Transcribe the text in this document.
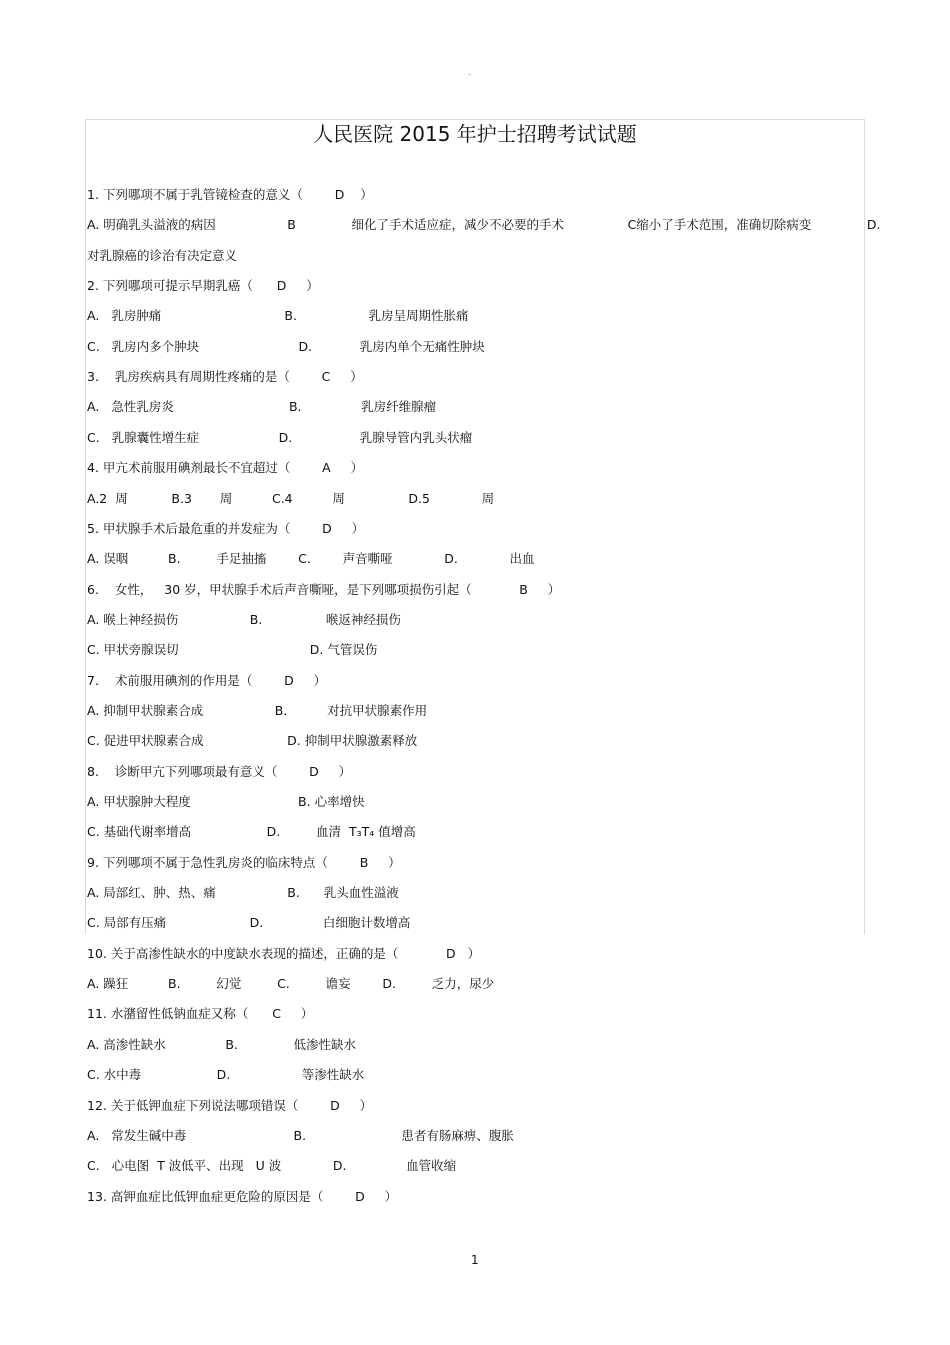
-
人民医院 2015 年护士招聘考试试题
1. 下列哪项不属于乳管镜检查的意义（        D    ）
A. 明确乳头溢液的病因                  B              细化了手术适应症，减少不必要的手术                C缩小了手术范围，准确切除病变              D.
对乳腺癌的诊治有决定意义
2. 下列哪项可提示早期乳癌（      D     ）
A.   乳房肿痛                               B.                  乳房呈周期性胀痛
C.   乳房内多个肿块                         D.            乳房内单个无痛性肿块
3.    乳房疾病具有周期性疼痛的是（        C     ）
A.   急性乳房炎                             B.               乳房纤维腺瘤
C.   乳腺囊性增生症                    D.                 乳腺导管内乳头状瘤
4. 甲亢术前服用碘剂最长不宜超过（        A     ）
A.2  周           B.3       周          C.4          周                D.5             周
5. 甲状腺手术后最危重的并发症为（        D     ）
A. 误咽          B.         手足抽搐        C.        声音嘶哑             D.             出血
6.    女性，   30 岁，甲状腺手术后声音嘶哑，是下列哪项损伤引起（            B     ）
A. 喉上神经损伤                  B.                喉返神经损伤
C. 甲状旁腺误切                                 D. 气管误伤
7.    术前服用碘剂的作用是（        D     ）
A. 抑制甲状腺素合成                  B.          对抗甲状腺素作用
C. 促进甲状腺素合成                     D. 抑制甲状腺激素释放
8.    诊断甲亢下列哪项最有意义（        D     ）
A. 甲状腺肿大程度                           B. 心率增快
C. 基础代谢率增高                   D.         血清  T₃T₄ 值增高
9. 下列哪项不属于急性乳房炎的临床特点（        B     ）
A. 局部红、肿、热、痛                  B.      乳头血性溢液
C. 局部有压痛                     D.               白细胞计数增高
10. 关于高渗性缺水的中度缺水表现的描述，正确的是（            D   ）
A. 躁狂          B.         幻觉         C.         谵妄        D.         乏力，尿少
11. 水潴留性低钠血症又称（      C     ）
A. 高渗性缺水               B.              低渗性缺水
C. 水中毒                   D.                  等渗性缺水
12. 关于低钾血症下列说法哪项错误（        D     ）
A.   常发生碱中毒                           B.                        患者有肠麻痹、腹胀
C.   心电图  T 波低平、出现   U 波             D.               血管收缩
13. 高钾血症比低钾血症更危险的原因是（        D     ）
1
